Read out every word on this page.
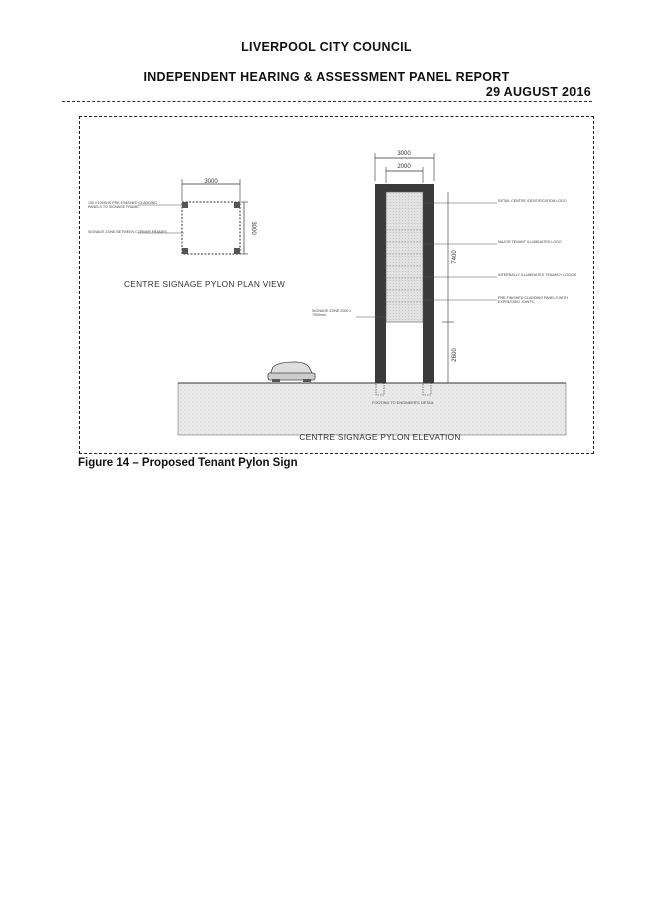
LIVERPOOL CITY COUNCIL
INDEPENDENT HEARING & ASSESSMENT PANEL REPORT
29 AUGUST 2016
3000
3000
100 x 100SHS PRE-FINISHED CLADDING PANELS TO SIGNAGE FRAME
SIGNAGE ZONE BETWEEN CORNER FRAMES
CENTRE SIGNAGE PYLON PLAN VIEW
FOOTING TO ENGINEER'S DETAIL
CENTRE SIGNAGE PYLON ELEVATION
3000
2000
7400
2600
RETAIL CENTRE IDENTIFICATION LOGO
MAJOR TENANT ILLUMINATED LOGO
INTERNALLY ILLUMINATED TENANCY LOGOS
PRE-FINISHED CLADDING PANELS WITH EXPRESSED JOINTS
SIGNAGE ZONE 2000 x 7000mm
Figure 14 – Proposed Tenant Pylon Sign
